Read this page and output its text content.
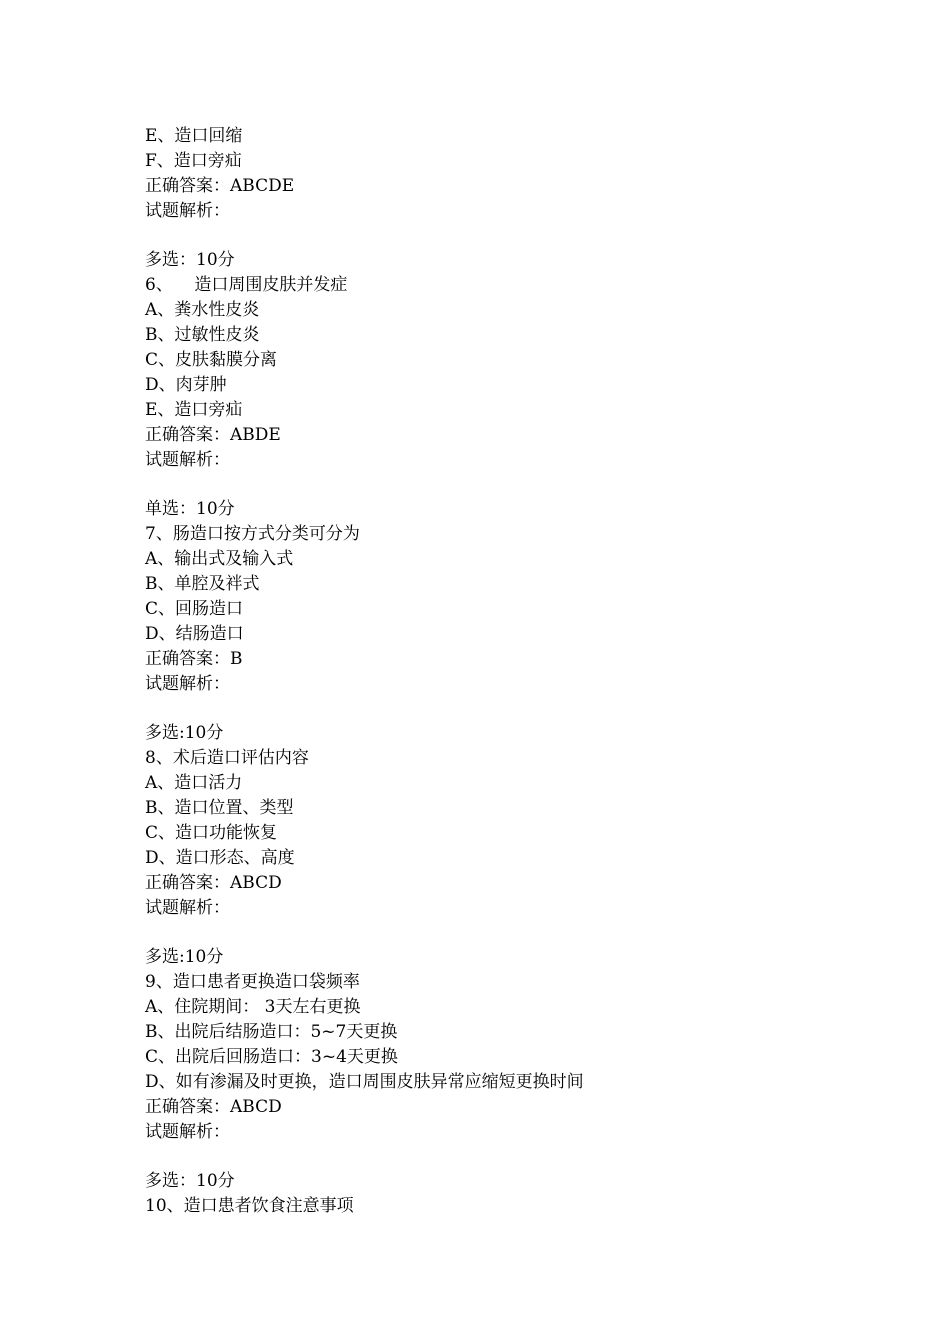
E、造口回缩
F、造口旁疝
正确答案：ABCDE
试题解析：
多选：10分
6、    造口周围皮肤并发症
A、粪水性皮炎
B、过敏性皮炎
C、皮肤黏膜分离
D、肉芽肿
E、造口旁疝
正确答案：ABDE
试题解析：
单选：10分
7、肠造口按方式分类可分为
A、输出式及输入式
B、单腔及袢式
C、回肠造口
D、结肠造口
正确答案：B
试题解析：
多选:10分
8、术后造口评估内容
A、造口活力
B、造口位置、类型
C、造口功能恢复
D、造口形态、高度
正确答案：ABCD
试题解析：
多选:10分
9、造口患者更换造口袋频率
A、住院期间： 3天左右更换
B、出院后结肠造口：5~7天更换
C、出院后回肠造口：3~4天更换
D、如有渗漏及时更换，造口周围皮肤异常应缩短更换时间
正确答案：ABCD
试题解析：
多选：10分
10、造口患者饮食注意事项
